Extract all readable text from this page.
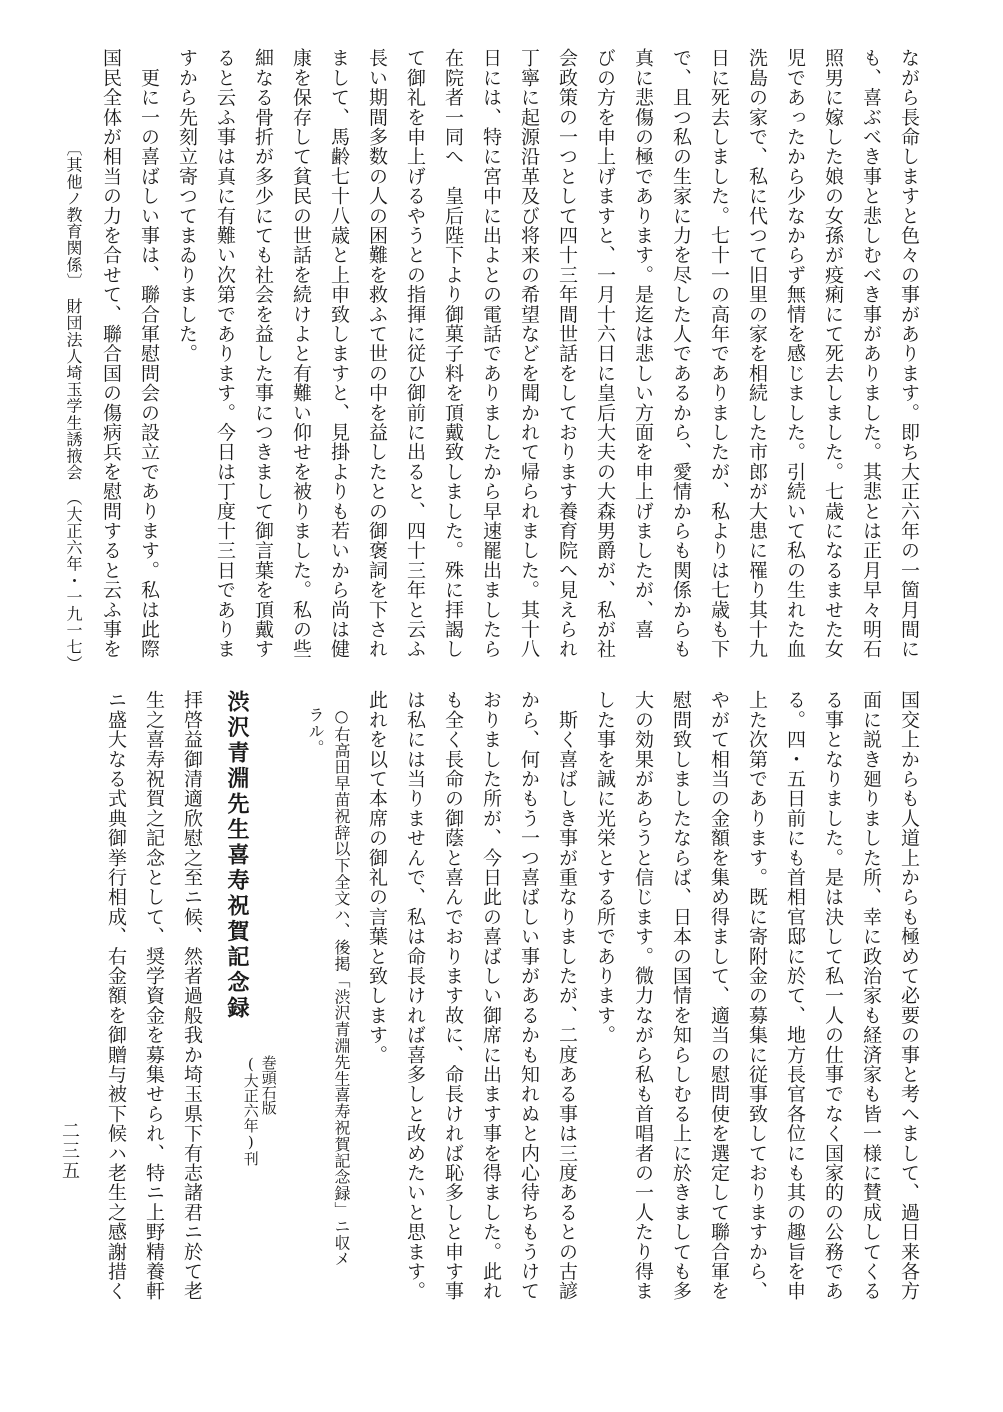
ながら長命しますと色々の事があります。即ち大正六年の一箇月間に
も、喜ぶべき事と悲しむべき事がありました。其悲とは正月早々明石
照男に嫁した娘の女孫が疫痢にて死去しました。七歳になるませた女
児であったから少なからず無情を感じました。引続いて私の生れた血
洗島の家で、私に代つて旧里の家を相続した市郎が大患に罹り其十九
日に死去しました。七十一の高年でありましたが、私よりは七歳も下
で、且つ私の生家に力を尽した人であるから、愛情からも関係からも
真に悲傷の極であります。是迄は悲しい方面を申上げましたが、喜
びの方を申上げますと、一月十六日に皇后大夫の大森男爵が、私が社
会政策の一つとして四十三年間世話をしております養育院へ見えられ
丁寧に起源沿革及び将来の希望などを聞かれて帰られました。其十八
日には、特に宮中に出よとの電話でありましたから早速罷出ましたら
在院者一同へ　皇后陛下より御菓子料を頂戴致しました。殊に拝謁し
て御礼を申上げるやうとの指揮に従ひ御前に出ると、四十三年と云ふ
長い期間多数の人の困難を救ふて世の中を益したとの御褒詞を下され
まして、馬齢七十八歳と上申致しますと、見掛よりも若いから尚は健
康を保存して貧民の世話を続けよと有難い仰せを被りました。私の些
細なる骨折が多少にても社会を益した事につきまして御言葉を頂戴す
ると云ふ事は真に有難い次第であります。今日は丁度十三日でありま
すから先刻立寄つてまゐりました。
　更に一の喜ばしい事は、聯合軍慰問会の設立であります。私は此際
国民全体が相当の力を合せて、聯合国の傷病兵を慰問すると云ふ事を
〔其他ノ教育関係〕　財団法人埼玉学生誘掖会　（大正六年・一九一七）
国交上からも人道上からも極めて必要の事と考へまして、過日来各方
面に説き廻りました所、幸に政治家も経済家も皆一様に賛成してくる
る事となりました。是は決して私一人の仕事でなく国家的の公務であ
る。四・五日前にも首相官邸に於て、地方長官各位にも其の趣旨を申
上た次第であります。既に寄附金の募集に従事致しておりますから、
やがて相当の金額を集め得まして、適当の慰問使を選定して聯合軍を
慰問致しましたならば、日本の国情を知らしむる上に於きましても多
大の効果があらうと信じます。微力ながら私も首唱者の一人たり得ま
した事を誠に光栄とする所であります。
　斯く喜ばしき事が重なりましたが、二度ある事は三度あるとの古諺
から、何かもう一つ喜ばしい事があるかも知れぬと内心待ちもうけて
おりました所が、今日此の喜ばしい御席に出ます事を得ました。此れ
も全く長命の御蔭と喜んでおります故に、命長ければ恥多しと申す事
は私には当りませんで、私は命長ければ喜多しと改めたいと思ます。
此れを以て本席の御礼の言葉と致します。
　○右高田早苗祝辞以下全文ハ、後掲「渋沢青淵先生喜寿祝賀記念録」ニ収メ
　ラル。
渋沢青淵先生喜寿祝賀記念録
拝啓益御清適欣慰之至ニ候、然者過般我か埼玉県下有志諸君ニ於て老
生之喜寿祝賀之記念として、奨学資金を募集せられ、特ニ上野精養軒
ニ盛大なる式典御挙行相成、右金額を御贈与被下候ハ老生之感謝措く	巻頭石版
(大正六年)刊
二三五
